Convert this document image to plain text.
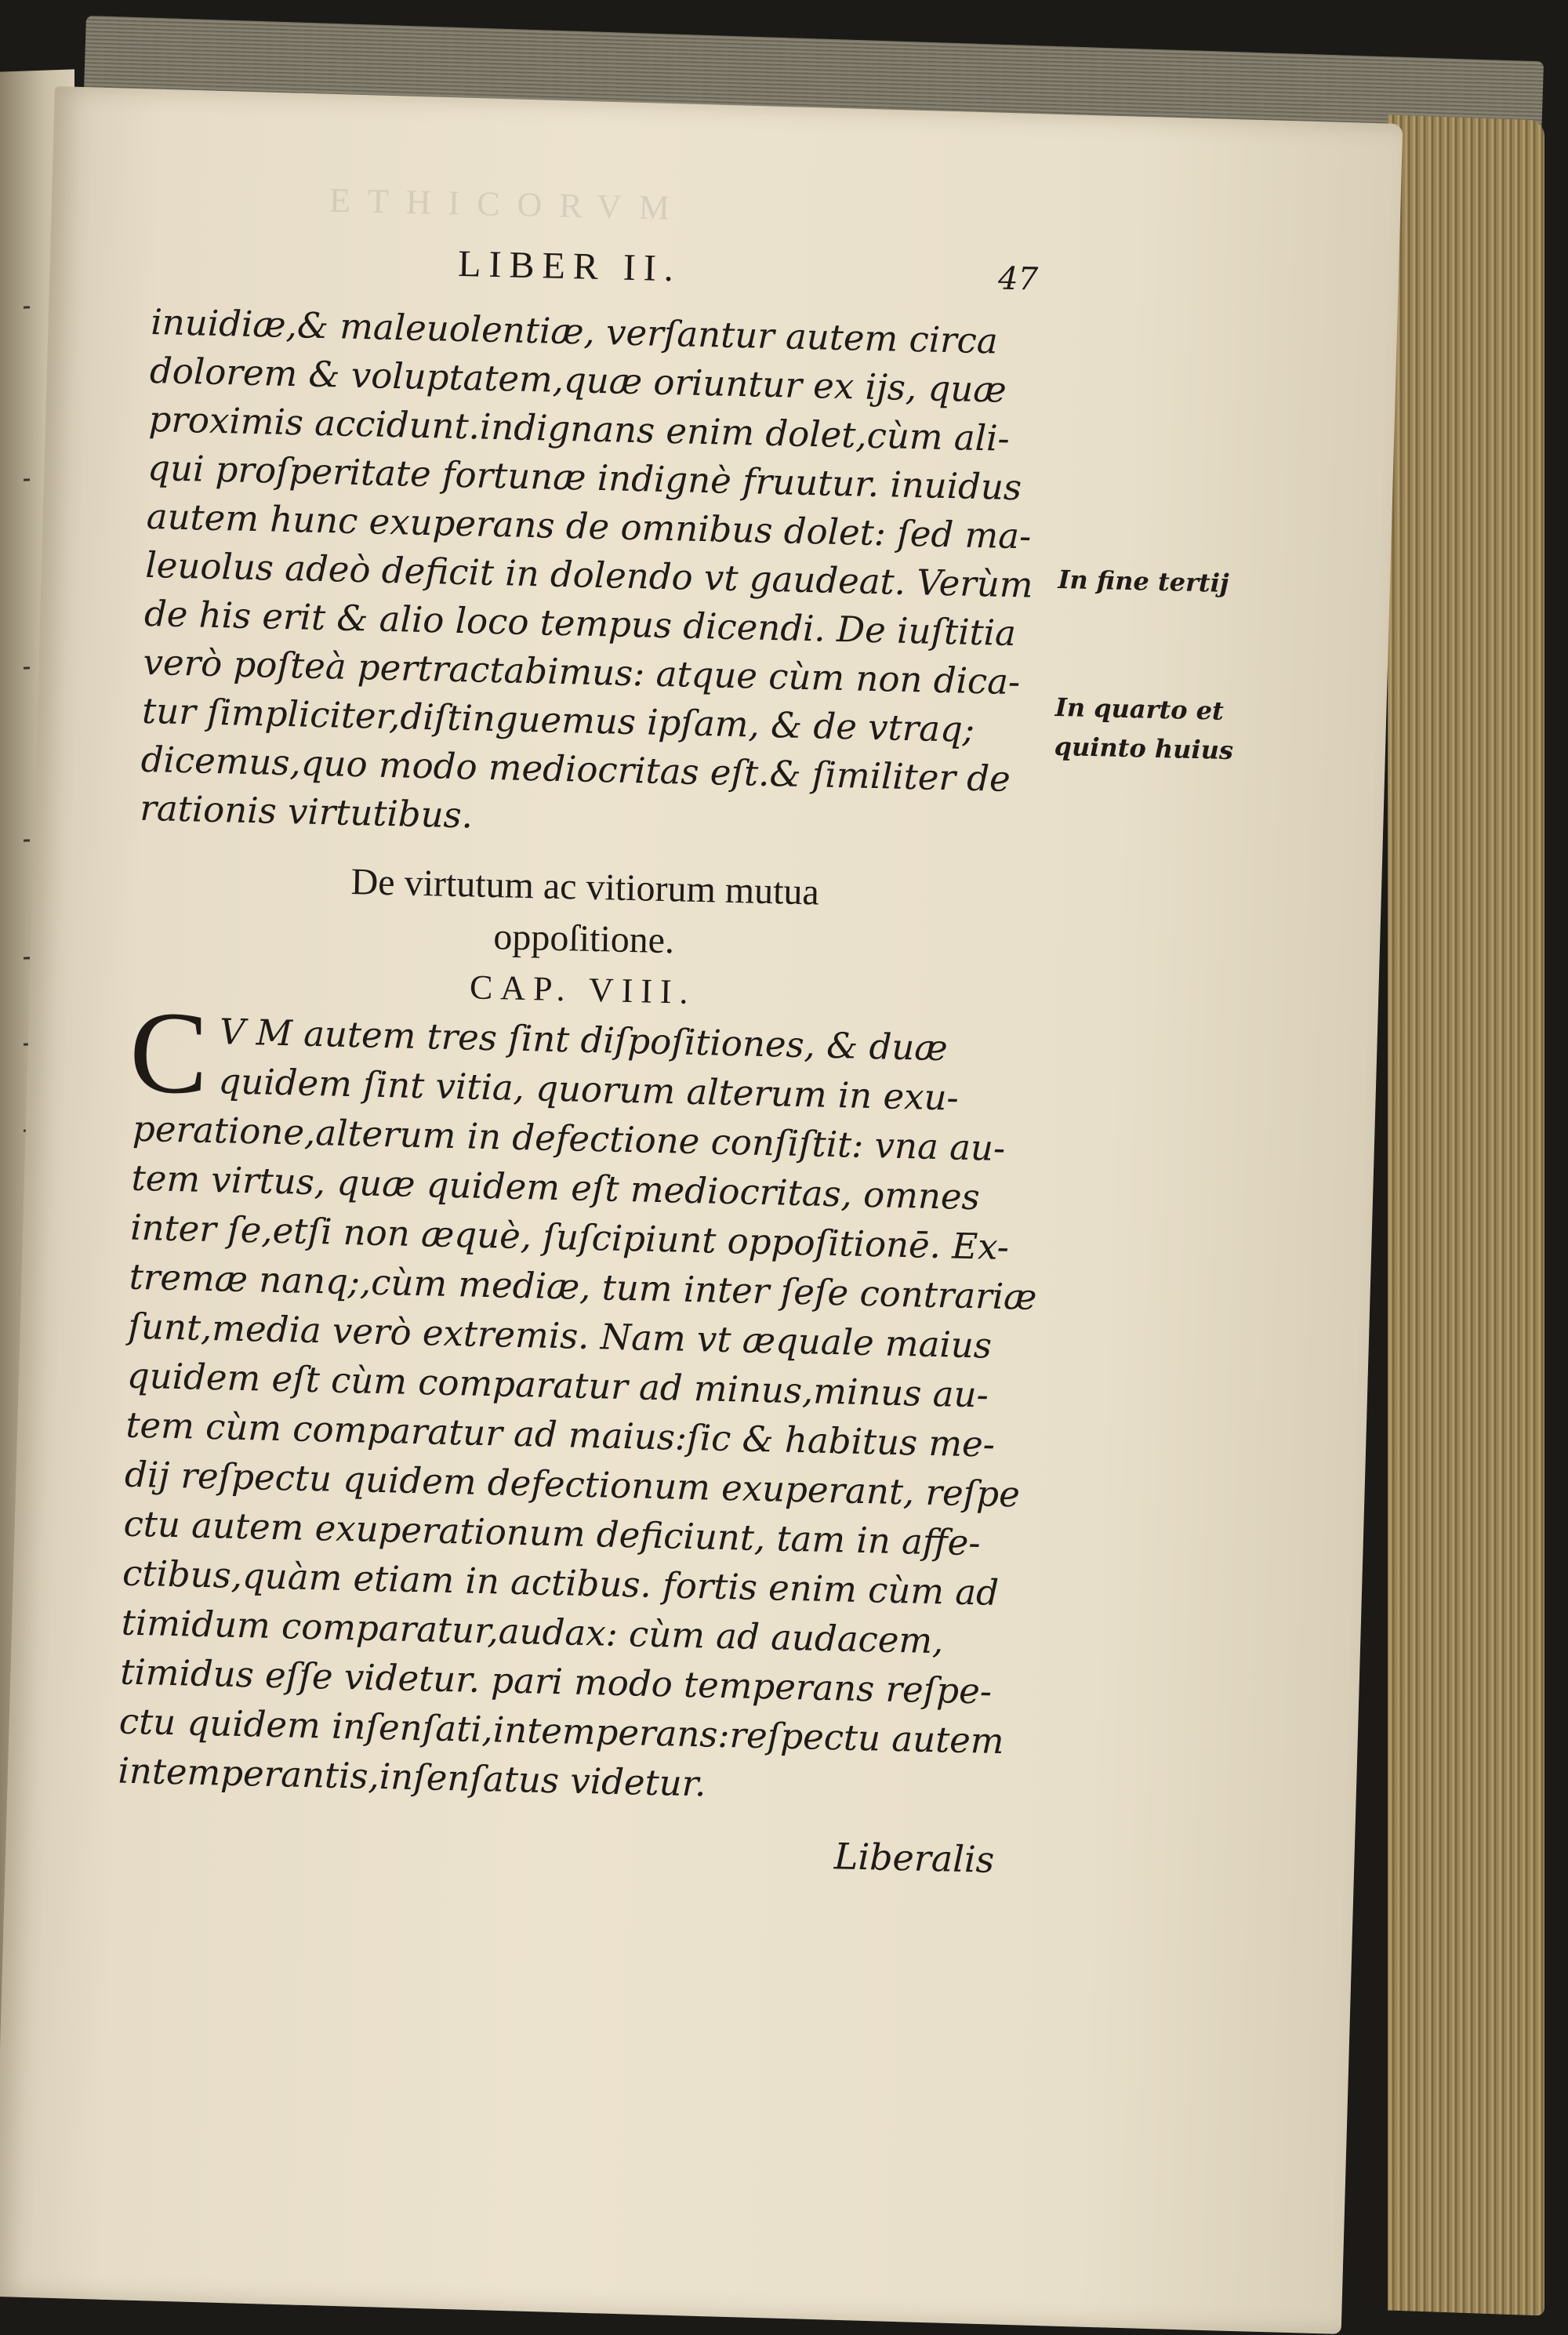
ETHICORVM
LIBER II.	47
inuidiæ,& maleuolentiæ, verſantur autem circa
dolorem & voluptatem,quæ oriuntur ex ijs, quæ
proximis accidunt.indignans enim dolet,cùm ali-
qui proſperitate fortunæ indignè fruutur. inuidus
autem hunc exuperans de omnibus dolet: ſed ma-
leuolus adeò deficit in dolendo vt gaudeat. Verùm
de his erit & alio loco tempus dicendi. De iuſtitia
verò poſteà pertractabimus: atque cùm non dica-
tur ſimpliciter,diſtinguemus ipſam, & de vtraq;
dicemus,quo modo mediocritas eſt.& ſimiliter de
rationis virtutibus.
De virtutum ac vitiorum mutua
oppoſitione.
CAP. VIII.
C V M autem tres ſint diſpoſitiones, & duæ
quidem ſint vitia, quorum alterum in exu-
peratione,alterum in defectione conſiſtit: vna au-
tem virtus, quæ quidem eſt mediocritas, omnes
inter ſe,etſi non æquè, ſuſcipiunt oppoſitionē. Ex-
tremæ nanq;,cùm mediæ, tum inter ſeſe contrariæ
ſunt,media verò extremis. Nam vt æquale maius
quidem eſt cùm comparatur ad minus,minus au-
tem cùm comparatur ad maius:ſic & habitus me-
dij reſpectu quidem defectionum exuperant, reſpe
ctu autem exuperationum deficiunt, tam in affe-
ctibus,quàm etiam in actibus. fortis enim cùm ad
timidum comparatur,audax: cùm ad audacem,
timidus eſſe videtur. pari modo temperans reſpe-
ctu quidem inſenſati,intemperans:reſpectu autem
intemperantis,inſenſatus videtur.
Liberalis
In fine tertij
In quarto et
quinto huius
